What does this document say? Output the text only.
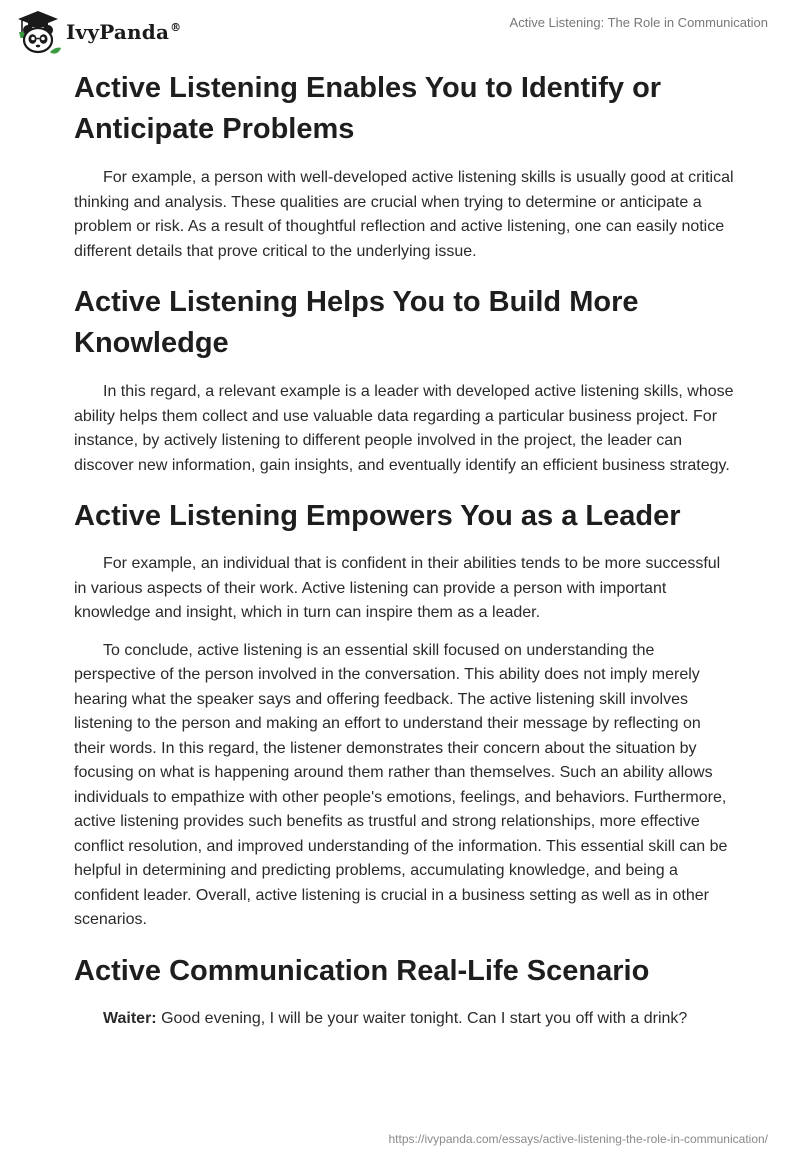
IvyPanda®	Active Listening: The Role in Communication
Active Listening Enables You to Identify or Anticipate Problems

For example, a person with well-developed active listening skills is usually good at critical thinking and analysis. These qualities are crucial when trying to determine or anticipate a problem or risk. As a result of thoughtful reflection and active listening, one can easily notice different details that prove critical to the underlying issue.

Active Listening Helps You to Build More Knowledge

In this regard, a relevant example is a leader with developed active listening skills, whose ability helps them collect and use valuable data regarding a particular business project. For instance, by actively listening to different people involved in the project, the leader can discover new information, gain insights, and eventually identify an efficient business strategy.

Active Listening Empowers You as a Leader

For example, an individual that is confident in their abilities tends to be more successful in various aspects of their work. Active listening can provide a person with important knowledge and insight, which in turn can inspire them as a leader.

To conclude, active listening is an essential skill focused on understanding the perspective of the person involved in the conversation. This ability does not imply merely hearing what the speaker says and offering feedback. The active listening skill involves listening to the person and making an effort to understand their message by reflecting on their words. In this regard, the listener demonstrates their concern about the situation by focusing on what is happening around them rather than themselves. Such an ability allows individuals to empathize with other people's emotions, feelings, and behaviors. Furthermore, active listening provides such benefits as trustful and strong relationships, more effective conflict resolution, and improved understanding of the information. This essential skill can be helpful in determining and predicting problems, accumulating knowledge, and being a confident leader. Overall, active listening is crucial in a business setting as well as in other scenarios.

Active Communication Real-Life Scenario

Waiter: Good evening, I will be your waiter tonight. Can I start you off with a drink?

https://ivypanda.com/essays/active-listening-the-role-in-communication/
